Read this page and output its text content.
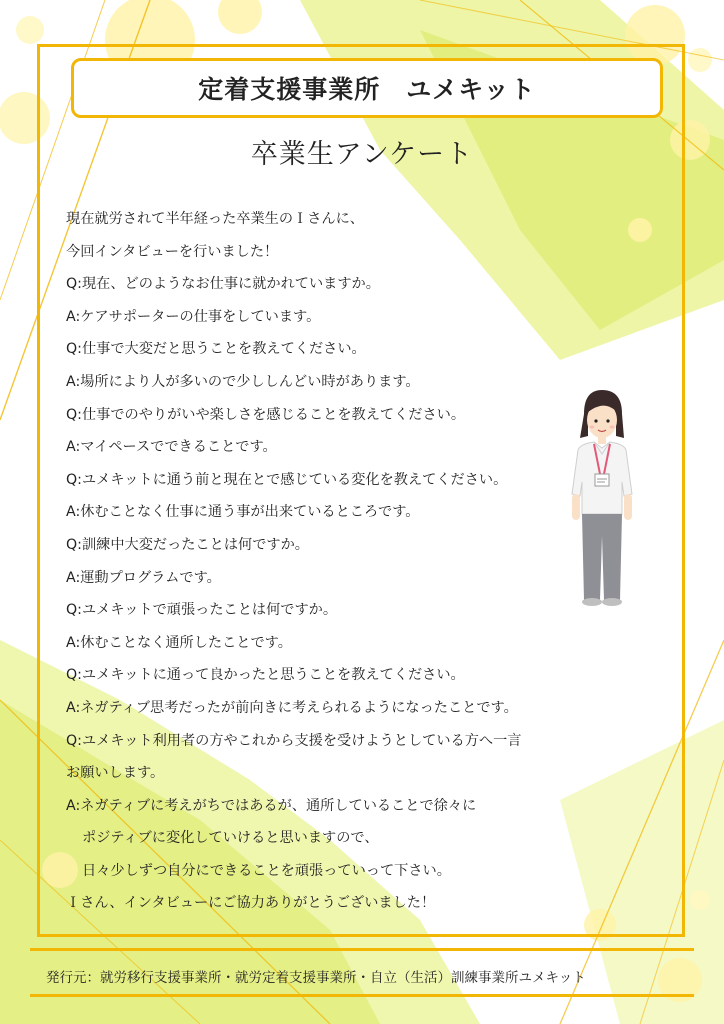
定着支援事業所　ユメキット
卒業生アンケート
現在就労されて半年経った卒業生のＩさんに、
今回インタビューを行いました！
Q:現在、どのようなお仕事に就かれていますか。
A:ケアサポーターの仕事をしています。
Q:仕事で大変だと思うことを教えてください。
A:場所により人が多いので少ししんどい時があります。
Q:仕事でのやりがいや楽しさを感じることを教えてください。
A:マイペースでできることです。
Q:ユメキットに通う前と現在とで感じている変化を教えてください。
A:休むことなく仕事に通う事が出来ているところです。
Q:訓練中大変だったことは何ですか。
A:運動プログラムです。
Q:ユメキットで頑張ったことは何ですか。
A:休むことなく通所したことです。
Q:ユメキットに通って良かったと思うことを教えてください。
A:ネガティブ思考だったが前向きに考えられるようになったことです。
Q:ユメキット利用者の方やこれから支援を受けようとしている方へ一言
お願いします。
A:ネガティブに考えがちではあるが、通所していることで徐々に
ポジティブに変化していけると思いますので、
日々少しずつ自分にできることを頑張っていって下さい。
Ｉさん、インタビューにご協力ありがとうございました！
発行元：就労移行支援事業所・就労定着支援事業所・自立（生活）訓練事業所ユメキット
